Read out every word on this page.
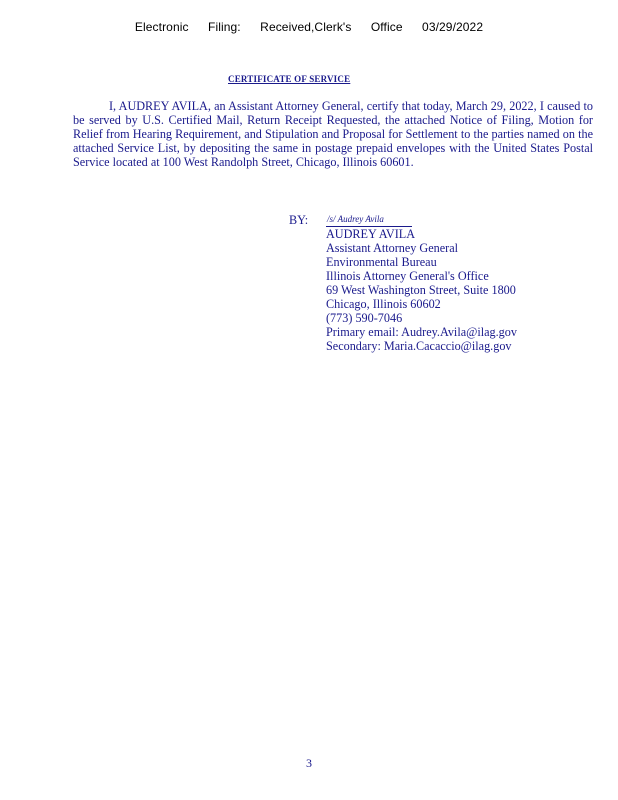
Electronic Filing: Received,Clerk's Office 03/29/2022
CERTIFICATE OF SERVICE

I, AUDREY AVILA, an Assistant Attorney General, certify that today, March 29, 2022, I caused to be served by U.S. Certified Mail, Return Receipt Requested, the attached Notice of Filing, Motion for Relief from Hearing Requirement, and Stipulation and Proposal for Settlement to the parties named on the attached Service List, by depositing the same in postage prepaid envelopes with the United States Postal Service located at 100 West Randolph Street, Chicago, Illinois 60601.

BY:	/s/ Audrey Avila
AUDREY AVILA
Assistant Attorney General
Environmental Bureau
Illinois Attorney General's Office
69 West Washington Street, Suite 1800
Chicago, Illinois 60602
(773) 590-7046
Primary email: Audrey.Avila@ilag.gov
Secondary: Maria.Cacaccio@ilag.gov
3
